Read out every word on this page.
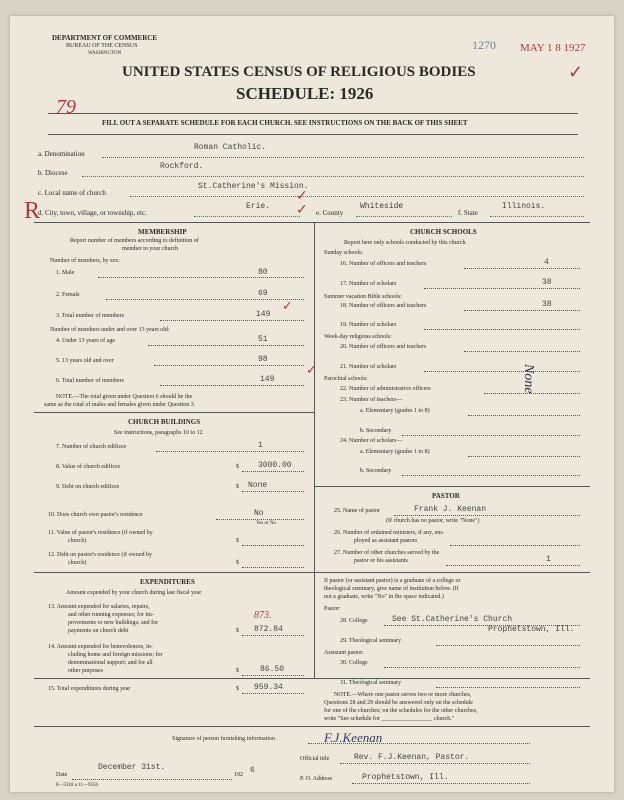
DEPARTMENT OF COMMERCE
BUREAU OF THE CENSUS
WASHINGTON
UNITED STATES CENSUS OF RELIGIOUS BODIES
SCHEDULE: 1926
1270 MAY 1 8 1927
79
✓
FILL OUT A SEPARATE SCHEDULE FOR EACH CHURCH. SEE INSTRUCTIONS ON THE BACK OF THIS SHEET
a. Denomination
Roman Catholic.
b. Diocese
Rockford.
c. Local name of church
St.Catherine's Mission.
✓
R
d. City, town, village, or township, etc.
Erie.
e. County
Whiteside
f. State
Illinois.
✓
MEMBERSHIP
Report number of members according to definition of
member in your church
Number of members, by sex:
1. Male	80
2. Female	69
3. Total number of members	149
✓
Number of members under and over 13 years old:
4. Under 13 years of age	51
5. 13 years old and over	98
6. Total number of members	149
✓
NOTE.—The total given under Question 6 should be the
same as the total of males and females given under Question 3.
CHURCH BUILDINGS
See instructions, paragraphs 10 to 12
7. Number of church edifices	1
8. Value of church edifices	$ 3000.00
9. Debt on church edifices	$ None
10. Does church own pastor's residence	No
Yes or No
11. Value of pastor's residence (if owned by
church)	$
12. Debt on pastor's residence (if owned by
church)	$
EXPENDITURES
Amount expended by your church during last fiscal year
13. Amount expended for salaries, repairs,
and other running expenses; for im-
provements or new buildings; and for
payments on church debt	$ 872.84
873.
14. Amount expended for benevolences, in-
cluding home and foreign missions; for
denominational support; and for all
other purposes	$	86.50
15. Total expenditures during year	$ 959.34
CHURCH SCHOOLS
Report here only schools conducted by this church
Sunday schools:
16. Number of officers and teachers	4
17. Number of scholars	38
Summer vacation Bible schools:
18. Number of officers and teachers	38
19. Number of scholars
Week-day religious schools:
20. Number of officers and teachers
21. Number of scholars
Parochial schools:
22. Number of administrative officers
23. Number of teachers—
a. Elementary (grades 1 to 8)
b. Secondary
24. Number of scholars—
a. Elementary (grades 1 to 8)
b. Secondary
None
PASTOR
25. Name of pastor	Frank J. Keenan
(If church has no pastor, write "None")
26. Number of ordained ministers, if any, em-
ployed as assistant pastors
27. Number of other churches served by the
pastor or his assistants	1
If pastor (or assistant pastor) is a graduate of a college or
theological seminary, give name of institution below. (If
not a graduate, write "No" in the space indicated.)
Pastor:
28. College	See St.Catherine's Church
Prophetstown, Ill.
29. Theological seminary
Assistant pastor:
30. College
31. Theological seminary
NOTE.—Where one pastor serves two or more churches,
Questions 28 and 29 should be answered only on the schedule
for one of the churches; on the schedules for the other churches,
write "See schedule for _________________ church."
Signature of person furnishing information	F.J.Keenan
Official title	Rev. F.J.Keenan, Pastor.
Date
December 31st.
192 6
P. O. Address	Prophetstown, Ill.
8—5318 a 11—9556
